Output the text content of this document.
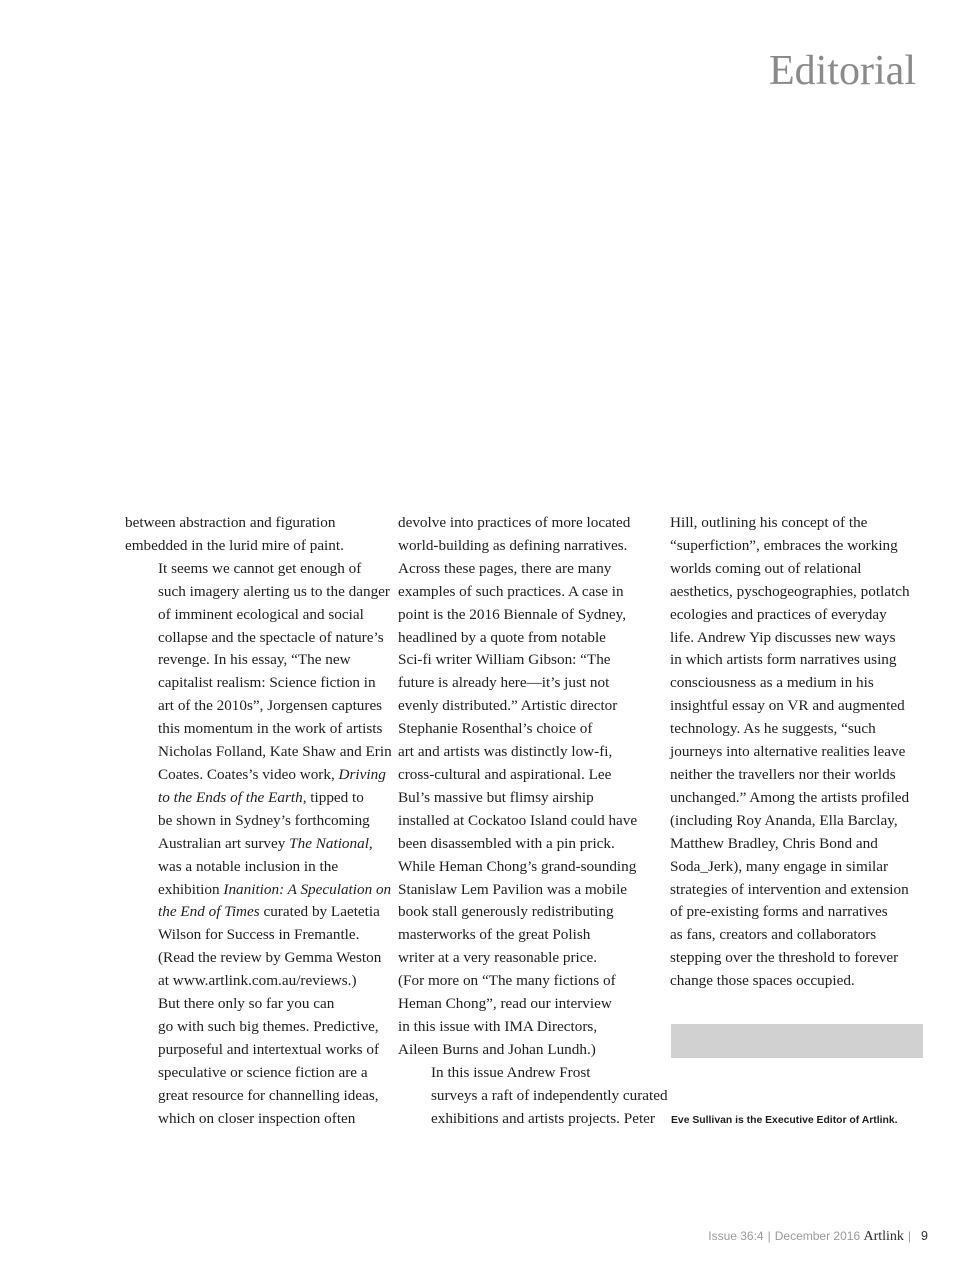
Editorial

between abstraction and figuration
embedded in the lurid mire of paint.

It seems we cannot get enough of
such imagery alerting us to the danger
of imminent ecological and social
collapse and the spectacle of nature’s
revenge. In his essay, “The new
capitalist realism: Science fiction in
art of the 2010s”, Jorgensen captures
this momentum in the work of artists
Nicholas Folland, Kate Shaw and Erin
Coates. Coates’s video work, Driving
to the Ends of the Earth, tipped to
be shown in Sydney’s forthcoming
Australian art survey The National,
was a notable inclusion in the
exhibition Inanition: A Speculation on
the End of Times curated by Laetetia
Wilson for Success in Fremantle.
(Read the review by Gemma Weston
at www.artlink.com.au/reviews.)

But there only so far you can
go with such big themes. Predictive,
purposeful and intertextual works of
speculative or science fiction are a
great resource for channelling ideas,
which on closer inspection often

devolve into practices of more located
world-building as defining narratives.
Across these pages, there are many
examples of such practices. A case in
point is the 2016 Biennale of Sydney,
headlined by a quote from notable
Sci-fi writer William Gibson: “The
future is already here—it’s just not
evenly distributed.” Artistic director
Stephanie Rosenthal’s choice of
art and artists was distinctly low-fi,
cross-cultural and aspirational. Lee
Bul’s massive but flimsy airship
installed at Cockatoo Island could have
been disassembled with a pin prick.
While Heman Chong’s grand-sounding
Stanislaw Lem Pavilion was a mobile
book stall generously redistributing
masterworks of the great Polish
writer at a very reasonable price.
(For more on “The many fictions of
Heman Chong”, read our interview
in this issue with IMA Directors,
Aileen Burns and Johan Lundh.)

In this issue Andrew Frost
surveys a raft of independently curated
exhibitions and artists projects. Peter

Hill, outlining his concept of the
“superfiction”, embraces the working
worlds coming out of relational
aesthetics, pyschogeographies, potlatch
ecologies and practices of everyday
life. Andrew Yip discusses new ways
in which artists form narratives using
consciousness as a medium in his
insightful essay on VR and augmented
technology. As he suggests, “such
journeys into alternative realities leave
neither the travellers nor their worlds
unchanged.” Among the artists profiled
(including Roy Ananda, Ella Barclay,
Matthew Bradley, Chris Bond and
Soda_Jerk), many engage in similar
strategies of intervention and extension
of pre-existing forms and narratives
as fans, creators and collaborators
stepping over the threshold to forever
change those spaces occupied.

Eve Sullivan is the Executive Editor of Artlink.

Issue 36:4 | December 2016 Artlink | 9
